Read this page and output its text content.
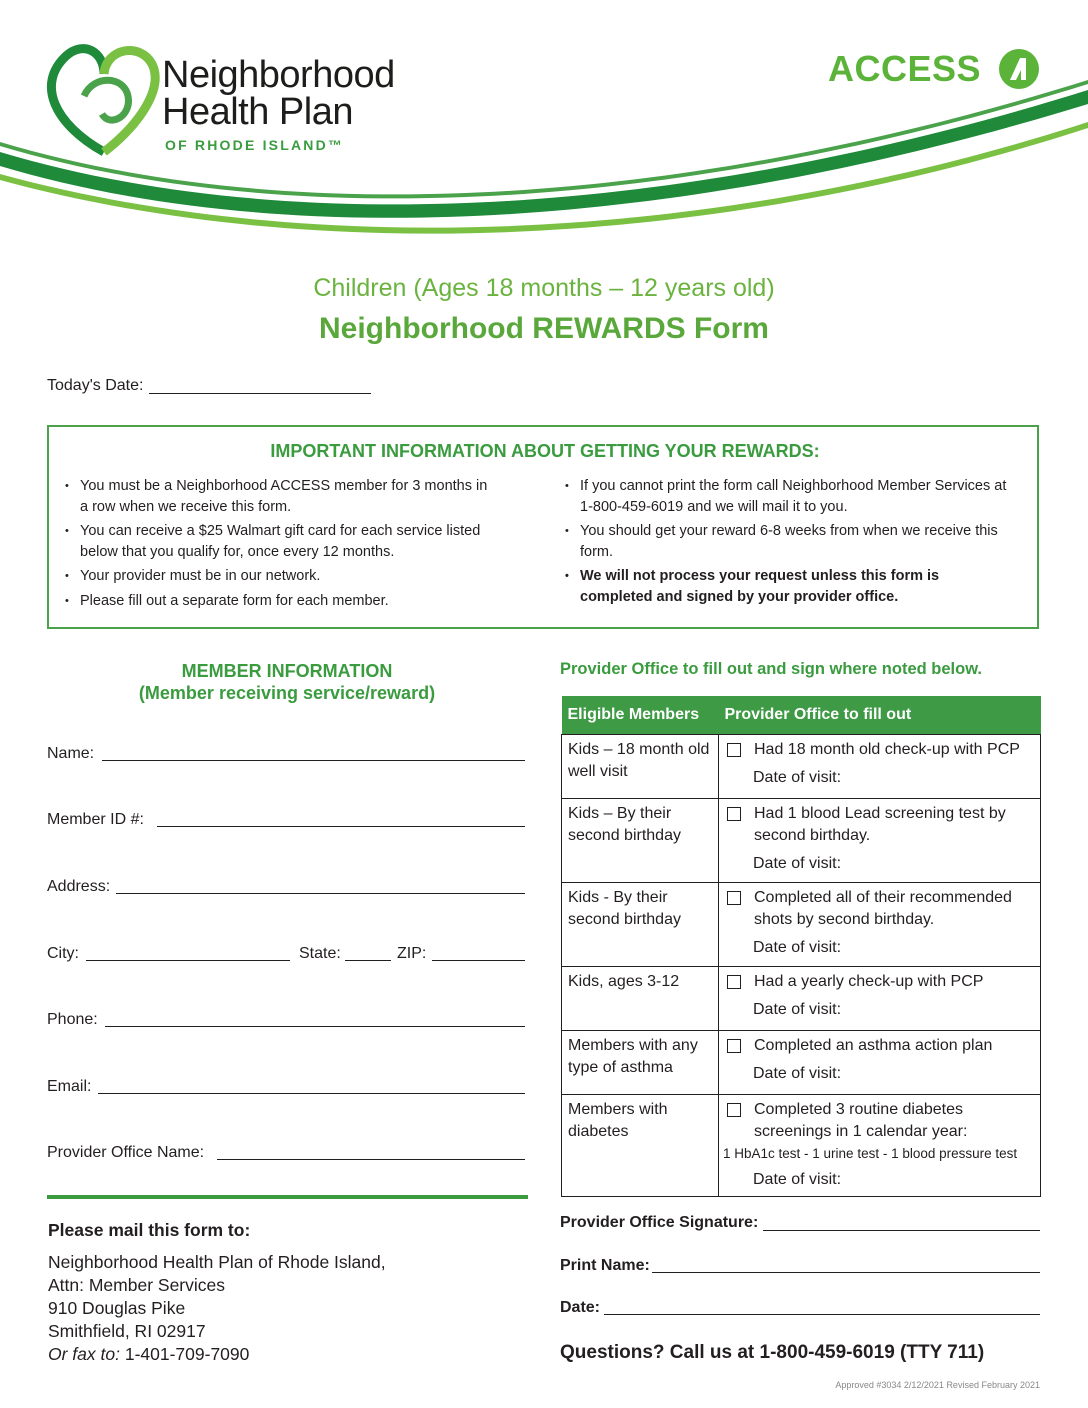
Neighborhood
Health Plan
OF RHODE ISLAND™
ACCESS
Children (Ages 18 months – 12 years old)
Neighborhood REWARDS Form
Today's Date:
IMPORTANT INFORMATION ABOUT GETTING YOUR REWARDS:
• You must be a Neighborhood ACCESS member for 3 months in a row when we receive this form.
• You can receive a $25 Walmart gift card for each service listed below that you qualify for, once every 12 months.
• Your provider must be in our network.
• Please fill out a separate form for each member.
• If you cannot print the form call Neighborhood Member Services at 1-800-459-6019 and we will mail it to you.
• You should get your reward 6-8 weeks from when we receive this form.
• We will not process your request unless this form is completed and signed by your provider office.
MEMBER INFORMATION
(Member receiving service/reward)
Name:
Member ID #:
Address:
City:	State:	ZIP:
Phone:
Email:
Provider Office Name:
Please mail this form to:
Neighborhood Health Plan of Rhode Island,
Attn: Member Services
910 Douglas Pike
Smithfield, RI 02917
Or fax to: 1-401-709-7090
Provider Office to fill out and sign where noted below.
Eligible Members	Provider Office to fill out
Kids – 18 month old well visit	Had 18 month old check-up with PCP
Date of visit:

Kids – By their second birthday	Had 1 blood Lead screening test by second birthday.
Date of visit:

Kids - By their second birthday	Completed all of their recommended shots by second birthday.
Date of visit:

Kids, ages 3-12	Had a yearly check-up with PCP
Date of visit:

Members with any type of asthma	Completed an asthma action plan
Date of visit:

Members with diabetes	Completed 3 routine diabetes screenings in 1 calendar year:
1 HbA1c test - 1 urine test - 1 blood pressure test
Date of visit:
Provider Office Signature:
Print Name:
Date:
Questions? Call us at 1-800-459-6019 (TTY 711)
Approved #3034 2/12/2021 Revised February 2021
